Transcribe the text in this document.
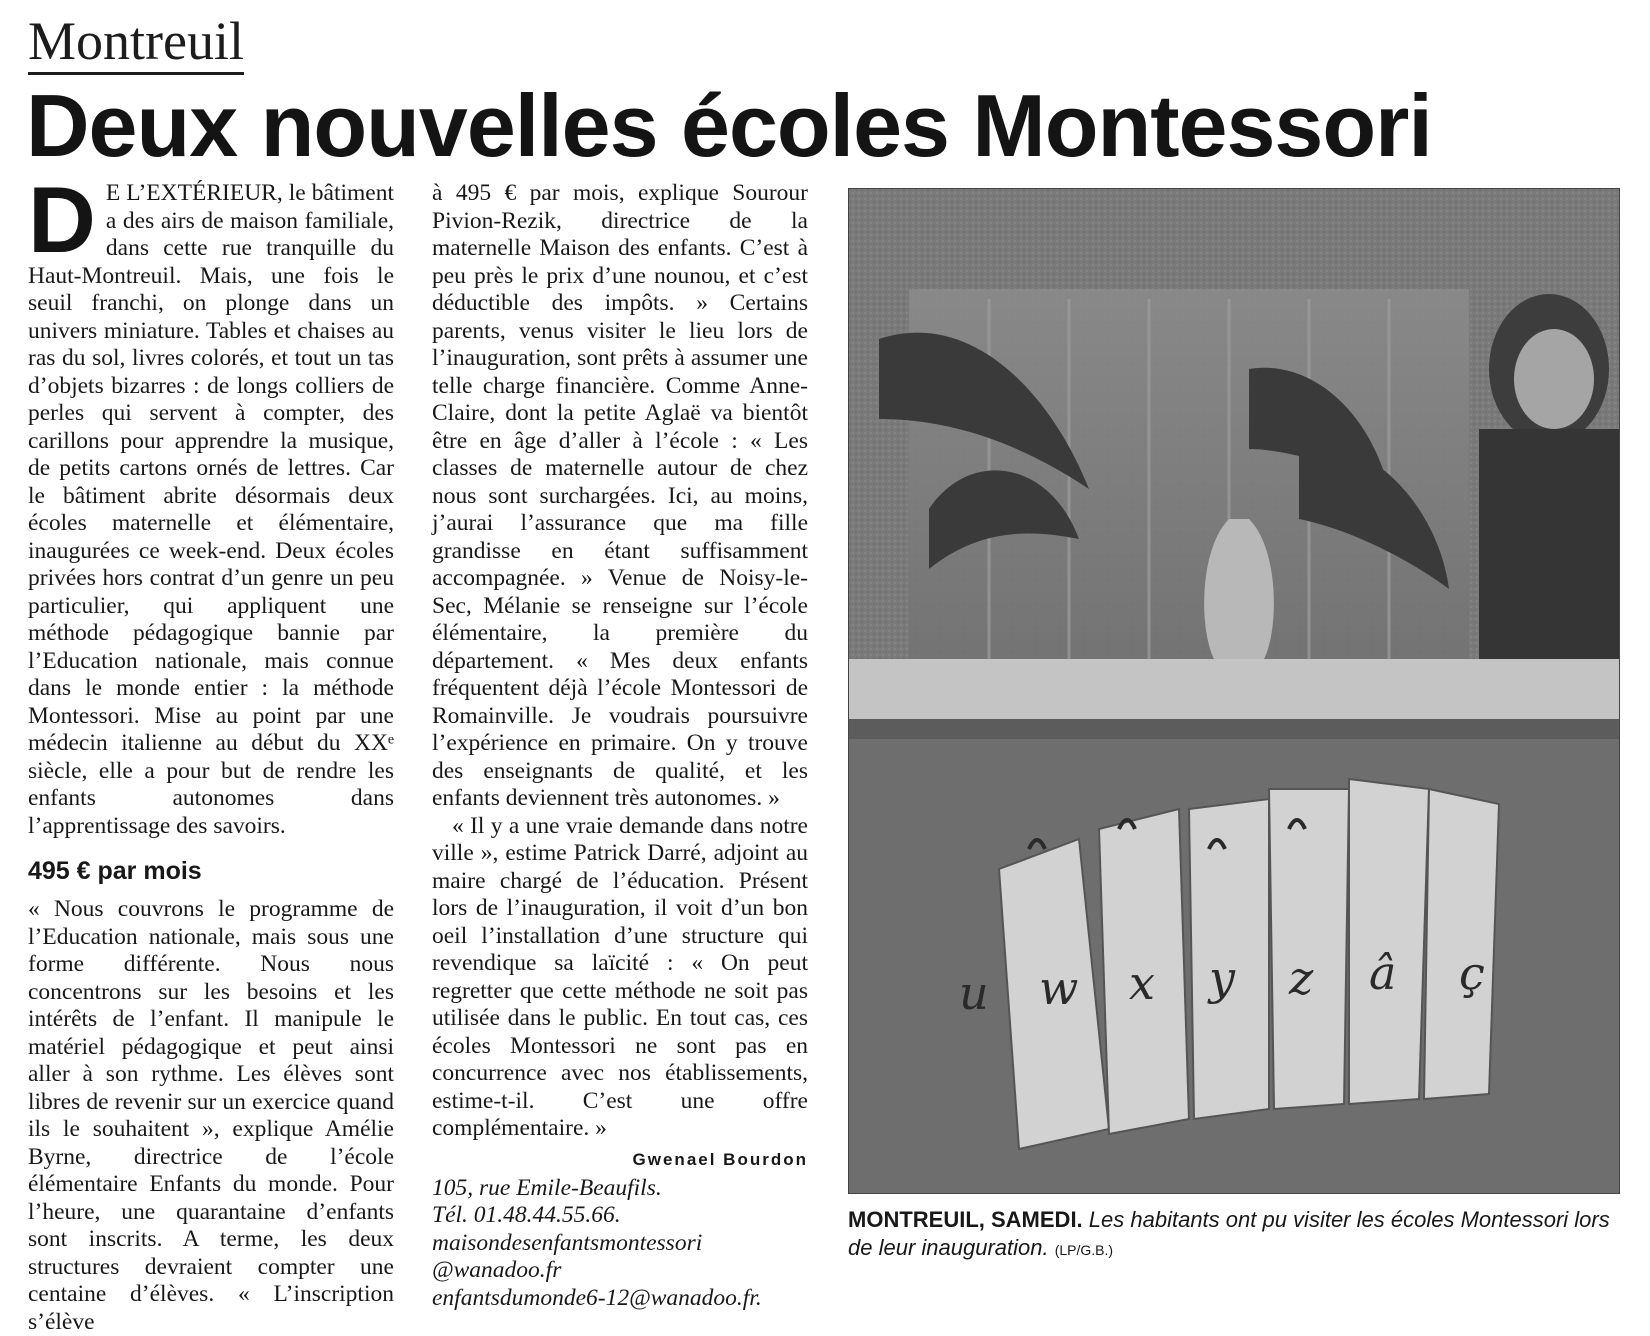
Montreuil
Deux nouvelles écoles Montessori

D E L’EXTÉRIEUR, le bâtiment a des airs de maison familiale, dans cette rue tranquille du Haut-Montreuil. Mais, une fois le seuil franchi, on plonge dans un univers miniature. Tables et chaises au ras du sol, livres colorés, et tout un tas d’objets bizarres : de longs colliers de perles qui servent à compter, des carillons pour apprendre la musique, de petits cartons ornés de lettres. Car le bâtiment abrite désormais deux écoles maternelle et élémentaire, inaugurées ce week-end. Deux écoles privées hors contrat d’un genre un peu particulier, qui appliquent une méthode pédagogique bannie par l’Education nationale, mais connue dans le monde entier : la méthode Montessori. Mise au point par une médecin italienne au début du XXᵉ siècle, elle a pour but de rendre les enfants autonomes dans l’apprentissage des savoirs.

495 € par mois

« Nous couvrons le programme de l’Education nationale, mais sous une forme différente. Nous nous concentrons sur les besoins et les intérêts de l’enfant. Il manipule le matériel pédagogique et peut ainsi aller à son rythme. Les élèves sont libres de revenir sur un exercice quand ils le souhaitent », explique Amélie Byrne, directrice de l’école élémentaire Enfants du monde. Pour l’heure, une quarantaine d’enfants sont inscrits. A terme, les deux structures devraient compter une centaine d’élèves. « L’inscription s’élève

à 495 € par mois, explique Sourour Pivion-Rezik, directrice de la maternelle Maison des enfants. C’est à peu près le prix d’une nounou, et c’est déductible des impôts. » Certains parents, venus visiter le lieu lors de l’inauguration, sont prêts à assumer une telle charge financière. Comme Anne-Claire, dont la petite Aglaë va bientôt être en âge d’aller à l’école : « Les classes de maternelle autour de chez nous sont surchargées. Ici, au moins, j’aurai l’assurance que ma fille grandisse en étant suffisamment accompagnée. » Venue de Noisy-le-Sec, Mélanie se renseigne sur l’école élémentaire, la première du département. « Mes deux enfants fréquentent déjà l’école Montessori de Romainville. Je voudrais poursuivre l’expérience en primaire. On y trouve des enseignants de qualité, et les enfants deviennent très autonomes. »

« Il y a une vraie demande dans notre ville », estime Patrick Darré, adjoint au maire chargé de l’éducation. Présent lors de l’inauguration, il voit d’un bon oeil l’installation d’une structure qui revendique sa laïcité : « On peut regretter que cette méthode ne soit pas utilisée dans le public. En tout cas, ces écoles Montessori ne sont pas en concurrence avec nos établissements, estime-t-il. C’est une offre complémentaire. »

Gwenael Bourdon

105, rue Emile-Beaufils.

Tél. 01.48.44.55.66.

maisondesenfantsmontessori

@wanadoo.fr

enfantsdumonde6-12@wanadoo.fr.

u w x y z â ç
MONTREUIL, SAMEDI. Les habitants ont pu visiter les écoles Montessori lors de leur inauguration. (LP/G.B.)
